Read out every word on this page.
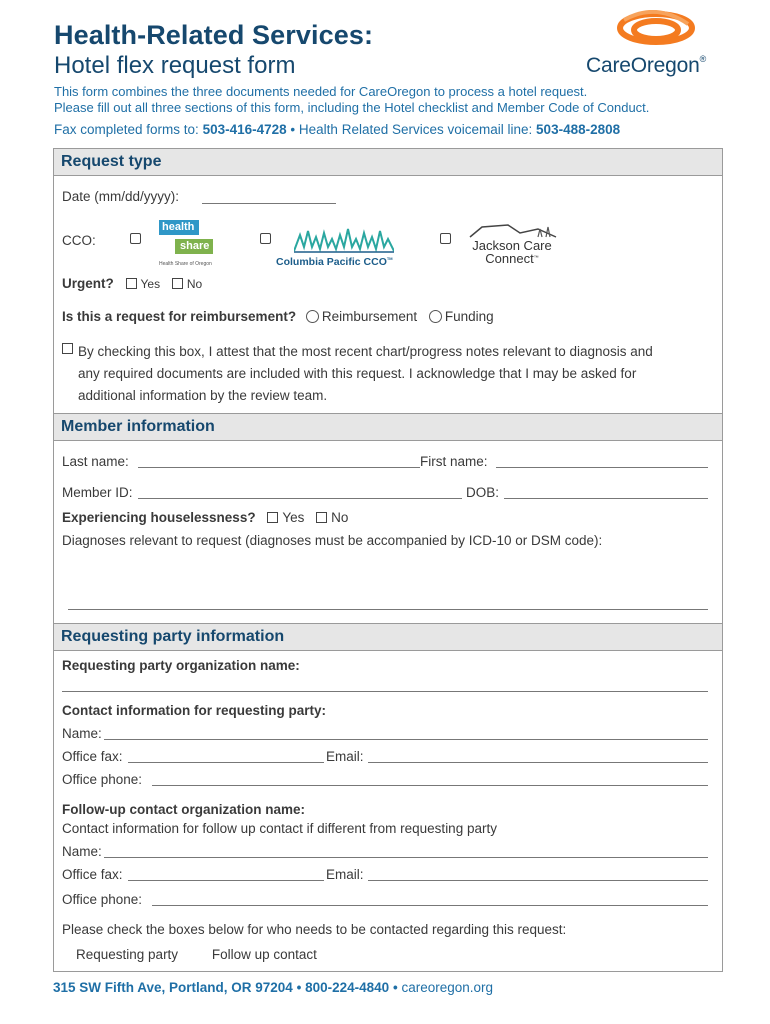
Health-Related Services:
Hotel flex request form	CareOregon®
This form combines the three documents needed for CareOregon to process a hotel request.
Please fill out all three sections of this form, including the Hotel checklist and Member Code of Conduct.
Fax completed forms to: 503-416-4728 • Health Related Services voicemail line: 503-488-2808
Request type
Date (mm/dd/yyyy):
CCO:
health
share
Health Share of Oregon	Columbia Pacific CCO™
Jackson Care
Connect™
Urgent? Yes No
Is this a request for reimbursement? Reimbursement Funding
By checking this box, I attest that the most recent chart/progress notes relevant to diagnosis and
any required documents are included with this request. I acknowledge that I may be asked for
additional information by the review team.
Member information
Last name:	First name:
Member ID:	DOB:
Experiencing houselessness? Yes No
Diagnoses relevant to request (diagnoses must be accompanied by ICD-10 or DSM code):
Requesting party information
Requesting party organization name:
Contact information for requesting party:
Name:
Office fax:	Email:
Office phone:
Follow-up contact organization name:
Contact information for follow up contact if different from requesting party
Name:
Office fax:	Email:
Office phone:
Please check the boxes below for who needs to be contacted regarding this request:
Requesting party	Follow up contact
315 SW Fifth Ave, Portland, OR 97204 • 800-224-4840 • careoregon.org
